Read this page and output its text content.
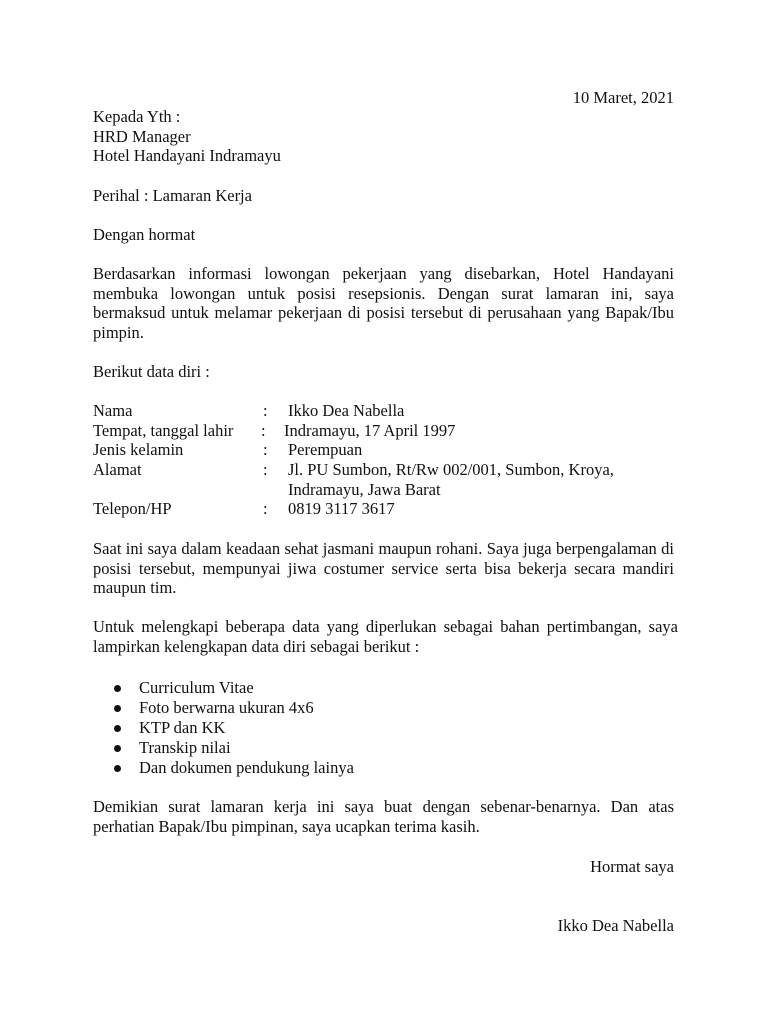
10 Maret, 2021
Kepada Yth :
HRD Manager
Hotel Handayani Indramayu
Perihal : Lamaran Kerja
Dengan hormat

Berdasarkan informasi lowongan pekerjaan yang disebarkan, Hotel Handayani membuka lowongan untuk posisi resepsionis. Dengan surat lamaran ini, saya bermaksud untuk melamar pekerjaan di posisi tersebut di perusahaan yang Bapak/Ibu pimpin.

Berikut data diri :
Nama	: Ikko Dea Nabella
Tempat, tanggal lahir : Indramayu, 17 April 1997
Jenis kelamin	: Perempuan
Alamat	: Jl. PU Sumbon, Rt/Rw 002/001, Sumbon, Kroya,
Indramayu, Jawa Barat
Telepon/HP	: 0819 3117 3617

Saat ini saya dalam keadaan sehat jasmani maupun rohani. Saya juga berpengalaman di posisi tersebut, mempunyai jiwa costumer service serta bisa bekerja secara mandiri maupun tim.

Untuk melengkapi beberapa data yang diperlukan sebagai bahan pertimbangan, saya lampirkan kelengkapan data diri sebagai berikut :

Curriculum Vitae
Foto berwarna ukuran 4x6
KTP dan KK
Transkip nilai
Dan dokumen pendukung lainya

Demikian surat lamaran kerja ini saya buat dengan sebenar-benarnya. Dan atas perhatian Bapak/Ibu pimpinan, saya ucapkan terima kasih.

Hormat saya
Ikko Dea Nabella
